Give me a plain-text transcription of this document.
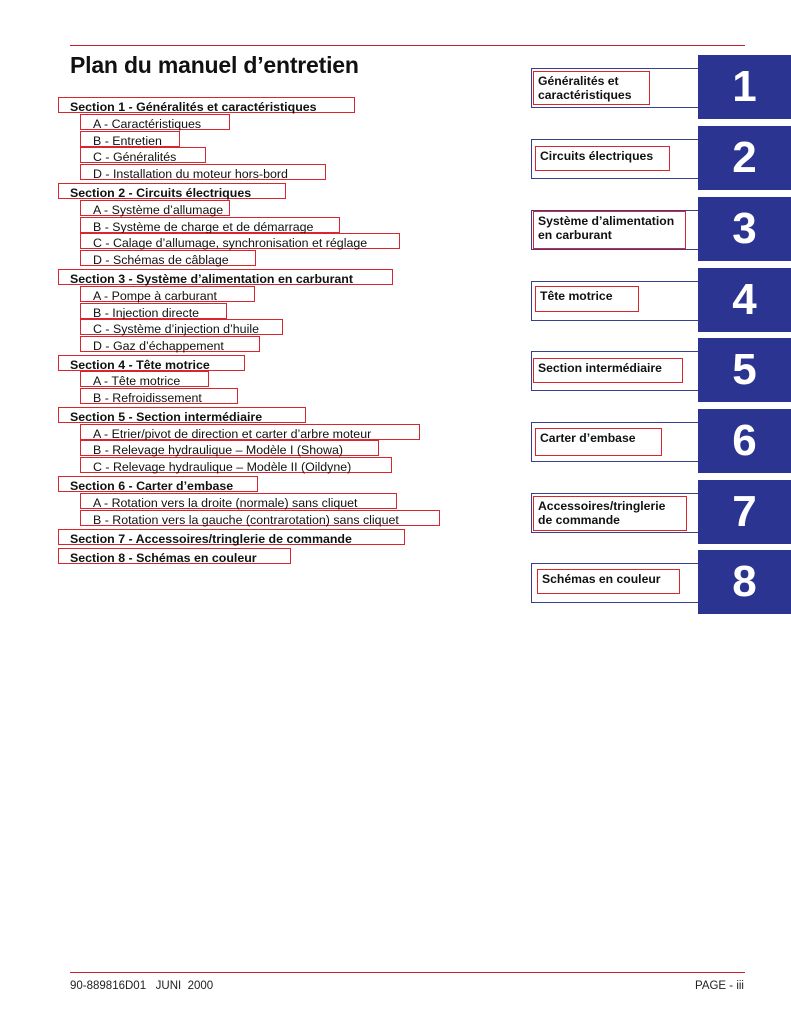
Plan du manuel d’entretien
Section 1 - Généralités et caractéristiques
A - Caractéristiques
B - Entretien
C - Généralités
D - Installation du moteur hors-bord
Section 2 - Circuits électriques
A - Système d’allumage
B - Système de charge et de démarrage
C - Calage d’allumage, synchronisation et réglage
D - Schémas de câblage
Section 3 - Système d’alimentation en carburant
A - Pompe à carburant
B - Injection directe
C - Système d’injection d’huile
D - Gaz d’échappement
Section 4 - Tête motrice
A - Tête motrice
B - Refroidissement
Section 5 - Section intermédiaire
A - Etrier/pivot de direction et carter d’arbre moteur
B - Relevage hydraulique – Modèle I (Showa)
C - Relevage hydraulique – Modèle II (Oildyne)
Section 6 - Carter d’embase
A - Rotation vers la droite (normale) sans cliquet
B - Rotation vers la gauche (contrarotation) sans cliquet
Section 7 - Accessoires/tringlerie de commande
Section 8 - Schémas en couleur
Généralités et
caractéristiques	1
Circuits électriques	2
Système d’alimentation
en carburant	3
Tête motrice	4
Section intermédiaire	5
Carter d’embase	6
Accessoires/tringlerie
de commande	7
Schémas en couleur	8
90-889816D01   JUNI  2000	PAGE - iii
